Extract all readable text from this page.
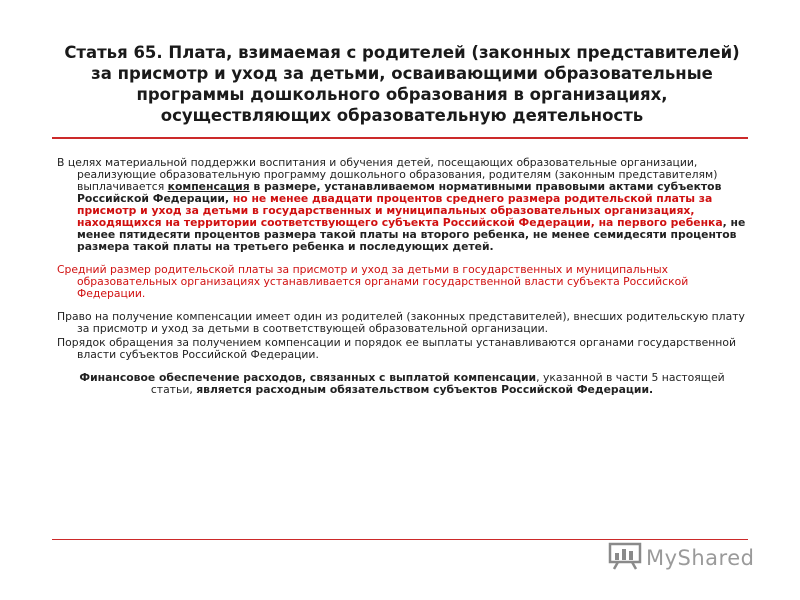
Статья 65. Плата, взимаемая с родителей (законных представителей) за присмотр и уход за детьми, осваивающими образовательные программы дошкольного образования в организациях, осуществляющих образовательную деятельность

В целях материальной поддержки воспитания и обучения детей, посещающих образовательные организации, реализующие образовательную программу дошкольного образования, родителям (законным представителям) выплачивается компенсация в размере, устанавливаемом нормативными правовыми актами субъектов Российской Федерации, но не менее двадцати процентов среднего размера родительской платы за присмотр и уход за детьми в государственных и муниципальных образовательных организациях, находящихся на территории соответствующего субъекта Российской Федерации, на первого ребенка, не менее пятидесяти процентов размера такой платы на второго ребенка, не менее семидесяти процентов размера такой платы на третьего ребенка и последующих детей.

Средний размер родительской платы за присмотр и уход за детьми в государственных и муниципальных образовательных организациях устанавливается органами государственной власти субъекта Российской Федерации.

Право на получение компенсации имеет один из родителей (законных представителей), внесших родительскую плату за присмотр и уход за детьми в соответствующей образовательной организации.

Порядок обращения за получением компенсации и порядок ее выплаты устанавливаются органами государственной власти субъектов Российской Федерации.

Финансовое обеспечение расходов, связанных с выплатой компенсации, указанной в части 5 настоящей статьи, является расходным обязательством субъектов Российской Федерации.

MyShared
